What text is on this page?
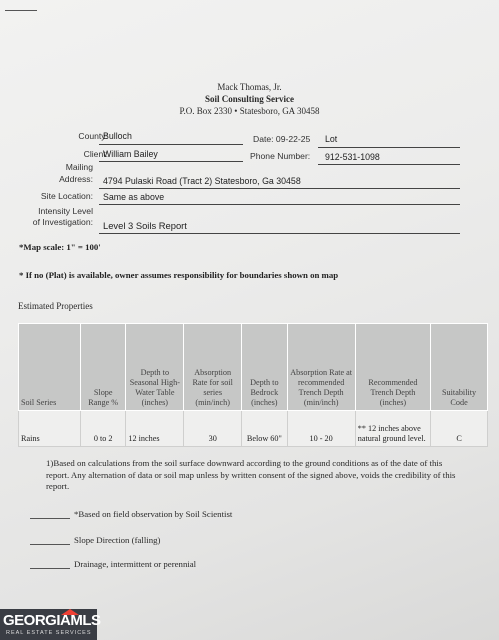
Mack Thomas, Jr.
Soil Consulting Service
P.O. Box 2330 • Statesboro, GA 30458
County:
Bulloch	Date: 09-22-25 Lot
Client:
William Bailey	Phone Number: 912-531-1098
Mailing
Address: 4794 Pulaski Road (Tract 2) Statesboro, Ga 30458
Site Location: Same as above
Intensity Level
of Investigation: Level 3 Soils Report
*Map scale: 1" = 100'
* If no (Plat) is available, owner assumes responsibility for boundaries shown on map
Estimated Properties
Soil Series	Slope Range %	Depth to Seasonal High-Water Table (inches)	Absorption Rate for soil series (min/inch)	Depth to Bedrock (inches)	Absorption Rate at recommended Trench Depth (min/inch)	Recommended Trench Depth (inches)	Suitability Code
Rains	0 to 2	12 inches	30	Below 60"	10 - 20	** 12 inches above natural ground level.	C
1)Based on calculations from the soil surface downward according to the ground conditions as of the date of this report. Any alternation of data or soil map unless by written consent of the signed above, voids the credibility of this report.
*Based on field observation by Soil Scientist
Slope Direction (falling)
Drainage, intermittent or perennial
GEORGIAMLS
REAL ESTATE SERVICES
